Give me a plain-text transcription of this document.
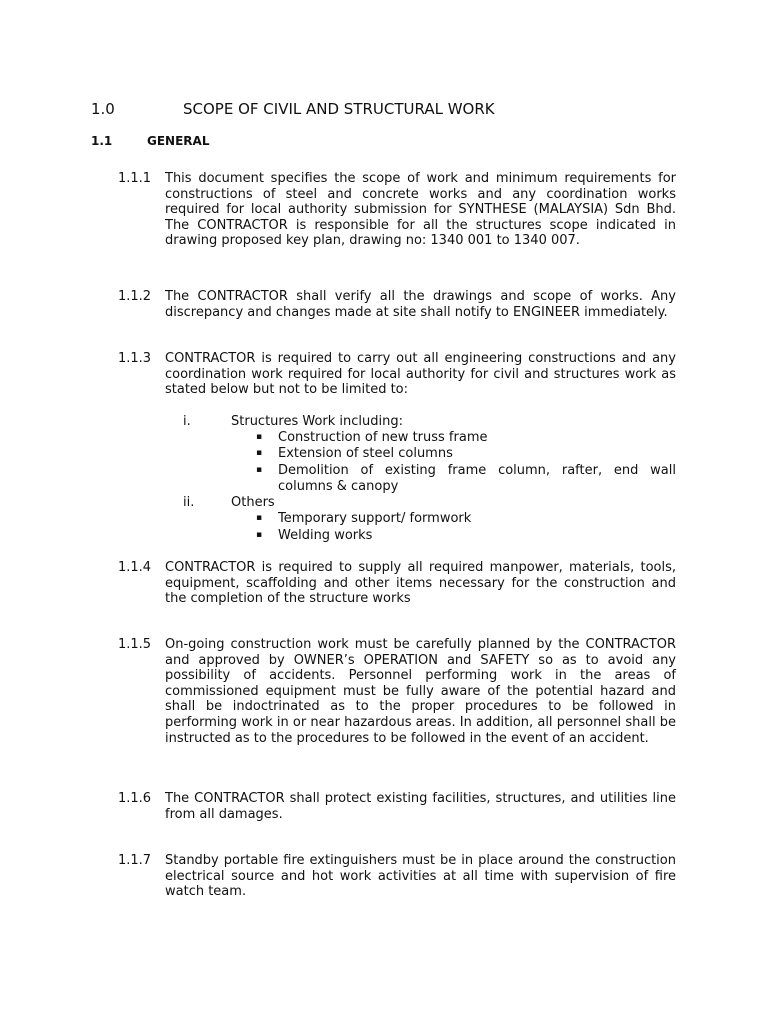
1.0	SCOPE OF CIVIL AND STRUCTURAL WORK
1.1	GENERAL
1.1.1 This document specifies the scope of work and minimum requirements for constructions of steel and concrete works and any coordination works required for local authority submission for SYNTHESE (MALAYSIA) Sdn Bhd. The CONTRACTOR is responsible for all the structures scope indicated in drawing proposed key plan, drawing no: 1340 001 to 1340 007.
1.1.2 The CONTRACTOR shall verify all the drawings and scope of works. Any discrepancy and changes made at site shall notify to ENGINEER immediately.
1.1.3 CONTRACTOR is required to carry out all engineering constructions and any coordination work required for local authority for civil and structures work as stated below but not to be limited to:
i.	Structures Work including:
▪ Construction of new truss frame
▪ Extension of steel columns
▪ Demolition of existing frame column, rafter, end wall columns & canopy
ii.	Others
▪ Temporary support/ formwork
▪ Welding works
1.1.4 CONTRACTOR is required to supply all required manpower, materials, tools, equipment, scaffolding and other items necessary for the construction and the completion of the structure works
1.1.5 On-going construction work must be carefully planned by the CONTRACTOR and approved by OWNER’s OPERATION and SAFETY so as to avoid any possibility of accidents. Personnel performing work in the areas of commissioned equipment must be fully aware of the potential hazard and shall be indoctrinated as to the proper procedures to be followed in performing work in or near hazardous areas. In addition, all personnel shall be instructed as to the procedures to be followed in the event of an accident.
1.1.6 The CONTRACTOR shall protect existing facilities, structures, and utilities line from all damages.
1.1.7 Standby portable fire extinguishers must be in place around the construction electrical source and hot work activities at all time with supervision of fire watch team.
